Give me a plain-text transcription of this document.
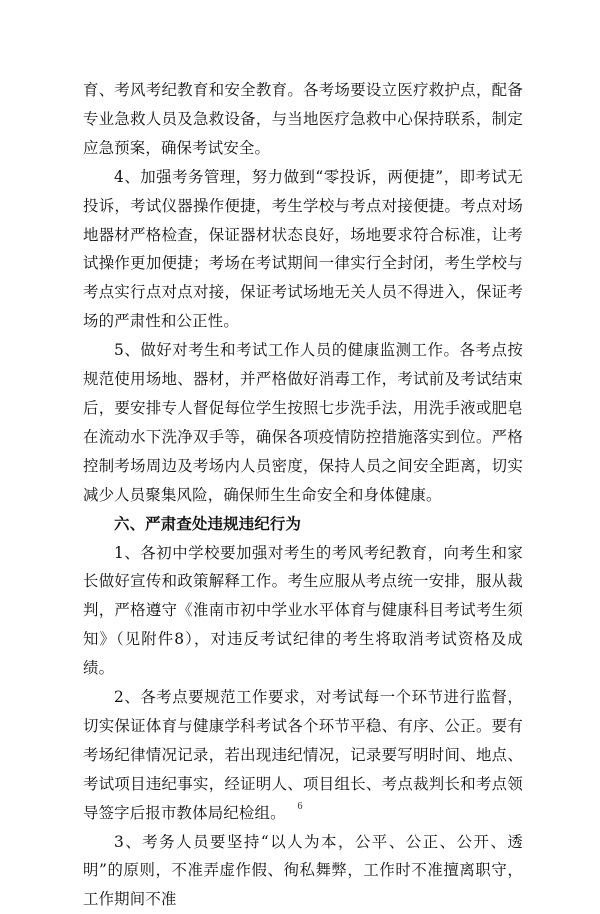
育、考风考纪教育和安全教育。各考场要设立医疗救护点，配备专业急救人员及急救设备，与当地医疗急救中心保持联系，制定应急预案，确保考试安全。

4、加强考务管理，努力做到“零投诉，两便捷”，即考试无投诉，考试仪器操作便捷，考生学校与考点对接便捷。考点对场地器材严格检查，保证器材状态良好，场地要求符合标准，让考试操作更加便捷；考场在考试期间一律实行全封闭，考生学校与考点实行点对点对接，保证考试场地无关人员不得进入，保证考场的严肃性和公正性。

5、做好对考生和考试工作人员的健康监测工作。各考点按规范使用场地、器材，并严格做好消毒工作，考试前及考试结束后，要安排专人督促每位学生按照七步洗手法，用洗手液或肥皂在流动水下洗净双手等，确保各项疫情防控措施落实到位。严格控制考场周边及考场内人员密度，保持人员之间安全距离，切实减少人员聚集风险，确保师生生命安全和身体健康。

六、严肃查处违规违纪行为

1、各初中学校要加强对考生的考风考纪教育，向考生和家长做好宣传和政策解释工作。考生应服从考点统一安排，服从裁判，严格遵守《淮南市初中学业水平体育与健康科目考试考生须知》（见附件8），对违反考试纪律的考生将取消考试资格及成绩。

2、各考点要规范工作要求，对考试每一个环节进行监督，切实保证体育与健康学科考试各个环节平稳、有序、公正。要有考场纪律情况记录，若出现违纪情况，记录要写明时间、地点、考试项目违纪事实，经证明人、项目组长、考点裁判长和考点领导签字后报市教体局纪检组。

3、考务人员要坚持“以人为本，公平、公正、公开、透明”的原则，不准弄虚作假、徇私舞弊，工作时不准擅离职守，工作期间不准

6
